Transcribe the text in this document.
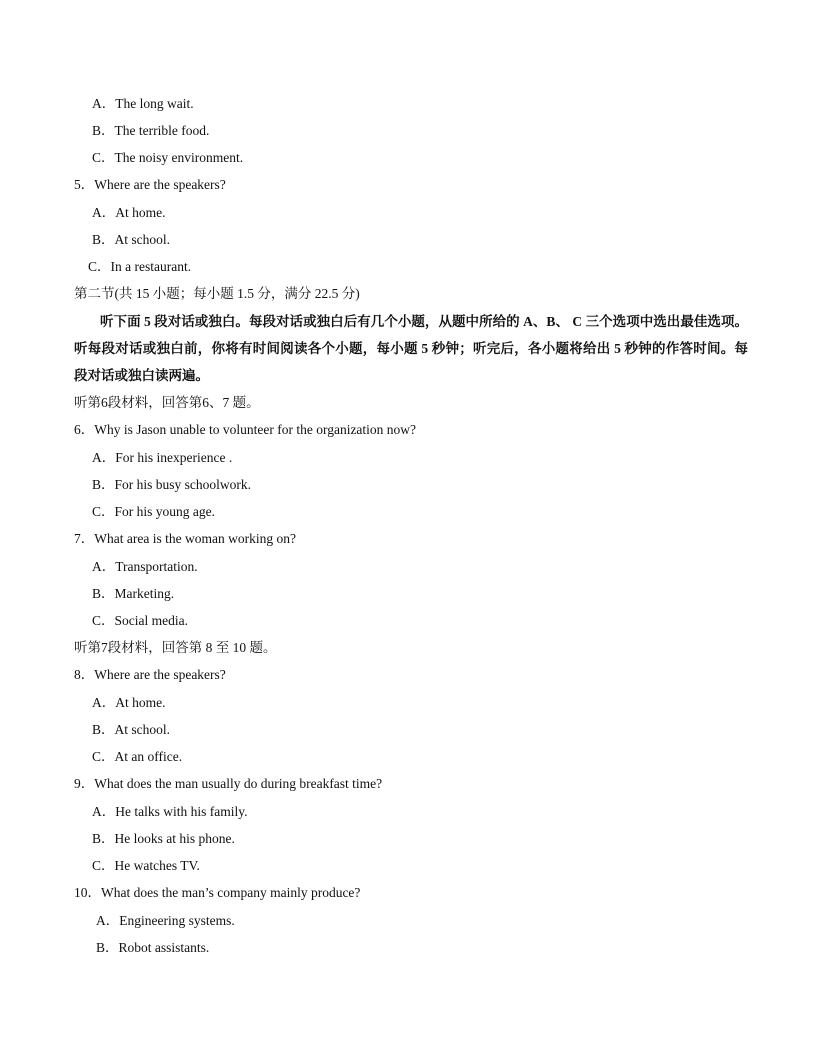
A．The long wait.
B．The terrible food.
C．The noisy environment.
5．Where are the speakers?
A．At home.
B．At school.
C．In a restaurant.
第二节(共 15 小题；每小题 1.5 分，满分 22.5 分)
听下面 5 段对话或独白。每段对话或独白后有几个小题，从题中所给的 A、B、 C 三个选项中选出最佳选项。听每段对话或独白前，你将有时间阅读各个小题，每小题 5 秒钟；听完后，各小题将给出 5 秒钟的作答时间。每段对话或独白读两遍。
听第6段材料，回答第6、7 题。
6．Why is Jason unable to volunteer for the organization now?
A．For his inexperience .
B．For his busy schoolwork.
C．For his young age.
7．What area is the woman working on?
A．Transportation.
B．Marketing.
C．Social media.
听第7段材料，回答第 8 至 10 题。
8．Where are the speakers?
A．At home.
B．At school.
C．At an office.
9．What does the man usually do during breakfast time?
A．He talks with his family.
B．He looks at his phone.
C．He watches TV.
10．What does the man’s company mainly produce?
A．Engineering systems.
B．Robot assistants.
